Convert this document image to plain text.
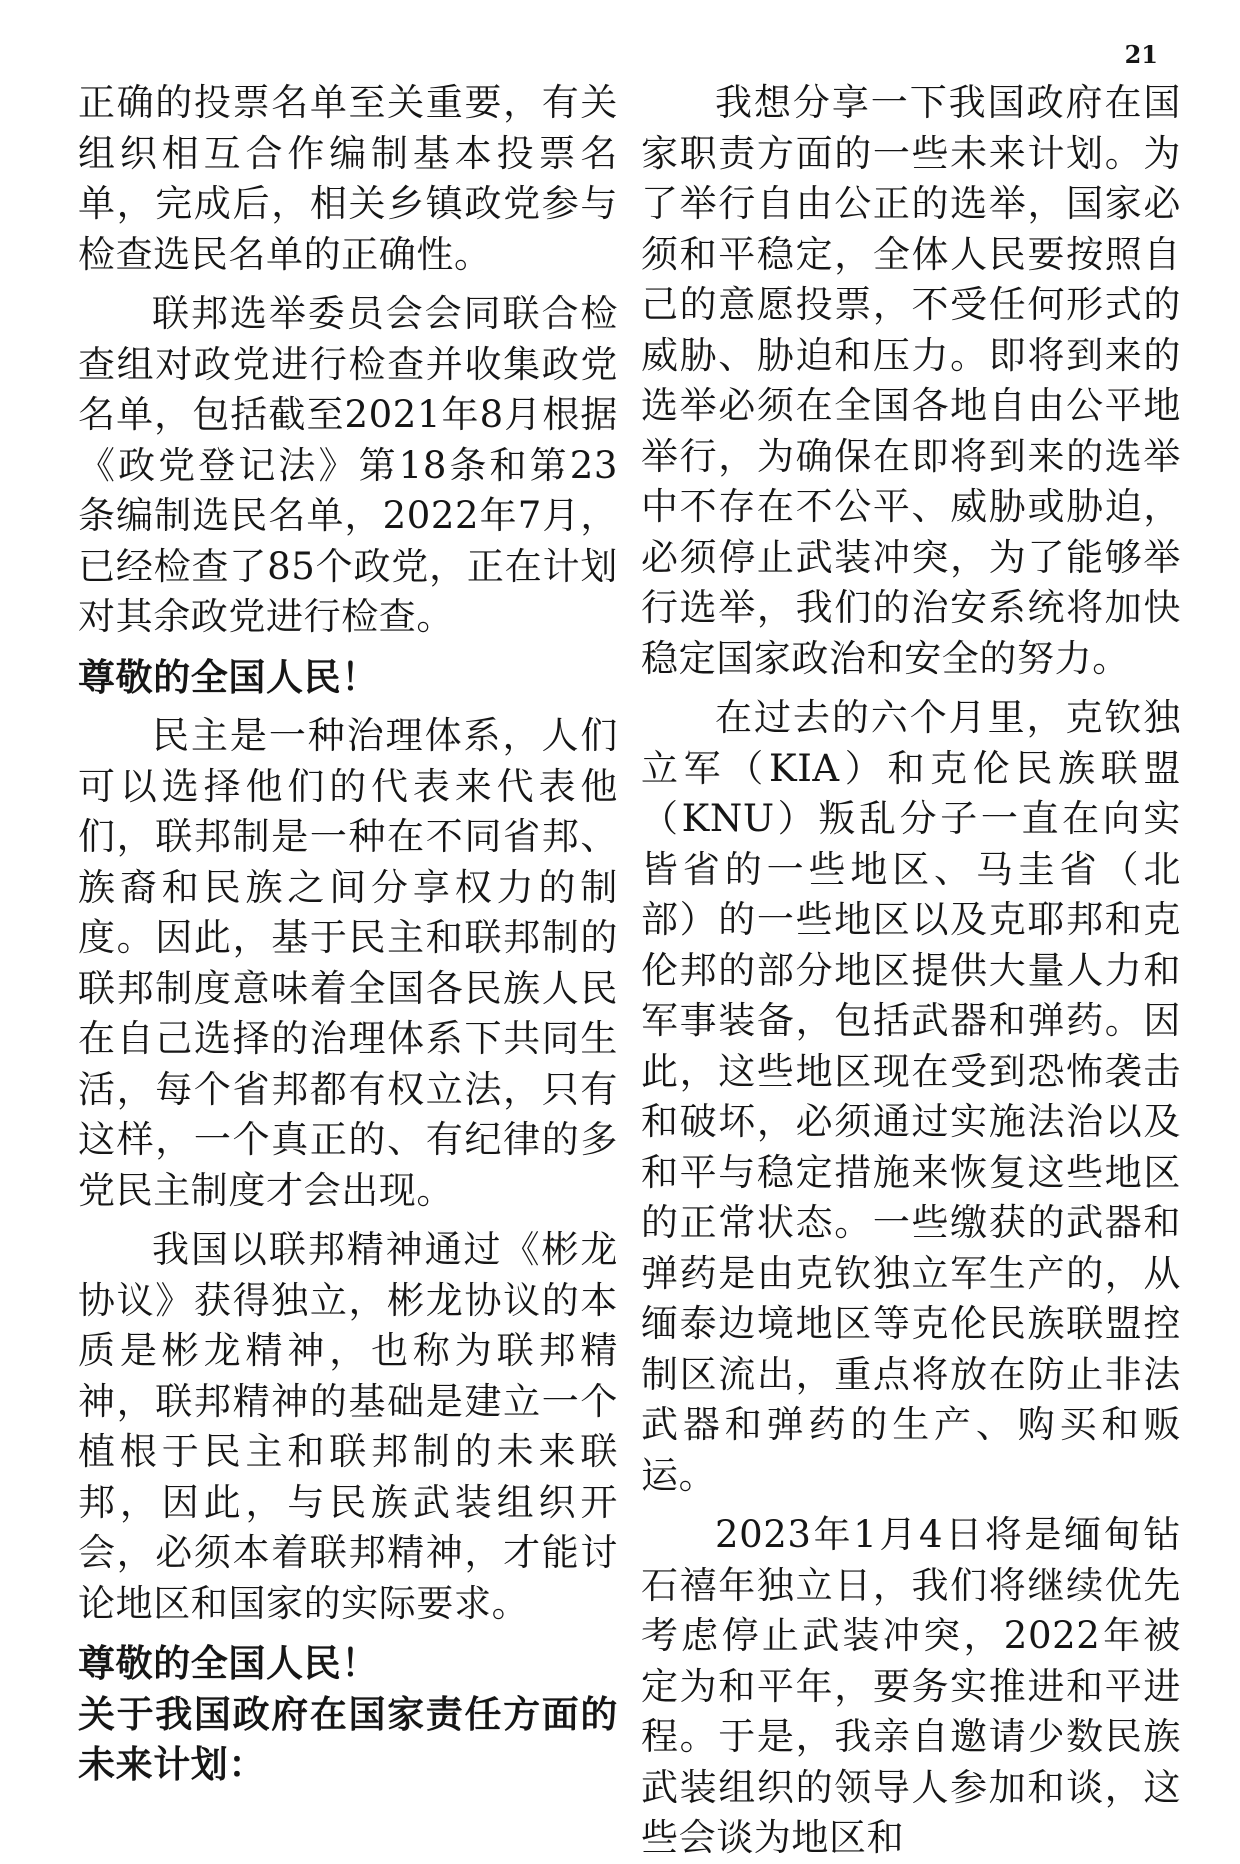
21

正确的投票名单至关重要，有关组织相互合作编制基本投票名单，完成后，相关乡镇政党参与检查选民名单的正确性。

联邦选举委员会会同联合检查组对政党进行检查并收集政党名单，包括截至2021年8月根据《政党登记法》第18条和第23条编制选民名单，2022年7月，已经检查了85个政党，正在计划对其余政党进行检查。

尊敬的全国人民！

民主是一种治理体系，人们可以选择他们的代表来代表他们，联邦制是一种在不同省邦、族裔和民族之间分享权力的制度。因此，基于民主和联邦制的联邦制度意味着全国各民族人民在自己选择的治理体系下共同生活，每个省邦都有权立法，只有这样，一个真正的、有纪律的多党民主制度才会出现。

我国以联邦精神通过《彬龙协议》获得独立，彬龙协议的本质是彬龙精神，也称为联邦精神，联邦精神的基础是建立一个植根于民主和联邦制的未来联邦，因此，与民族武装组织开会，必须本着联邦精神，才能讨论地区和国家的实际要求。

尊敬的全国人民！

关于我国政府在国家责任方面的未来计划：

我想分享一下我国政府在国家职责方面的一些未来计划。为了举行自由公正的选举，国家必须和平稳定，全体人民要按照自己的意愿投票，不受任何形式的威胁、胁迫和压力。即将到来的选举必须在全国各地自由公平地举行，为确保在即将到来的选举中不存在不公平、威胁或胁迫，必须停止武装冲突，为了能够举行选举，我们的治安系统将加快稳定国家政治和安全的努力。

在过去的六个月里，克钦独立军（KIA）和克伦民族联盟（KNU）叛乱分子一直在向实皆省的一些地区、马圭省（北部）的一些地区以及克耶邦和克伦邦的部分地区提供大量人力和军事装备，包括武器和弹药。因此，这些地区现在受到恐怖袭击和破坏，必须通过实施法治以及和平与稳定措施来恢复这些地区的正常状态。一些缴获的武器和弹药是由克钦独立军生产的，从缅泰边境地区等克伦民族联盟控制区流出，重点将放在防止非法武器和弹药的生产、购买和贩运。

2023年1月4日将是缅甸钻石禧年独立日，我们将继续优先考虑停止武装冲突，2022年被定为和平年，要务实推进和平进程。于是，我亲自邀请少数民族武装组织的领导人参加和谈，这些会谈为地区和
